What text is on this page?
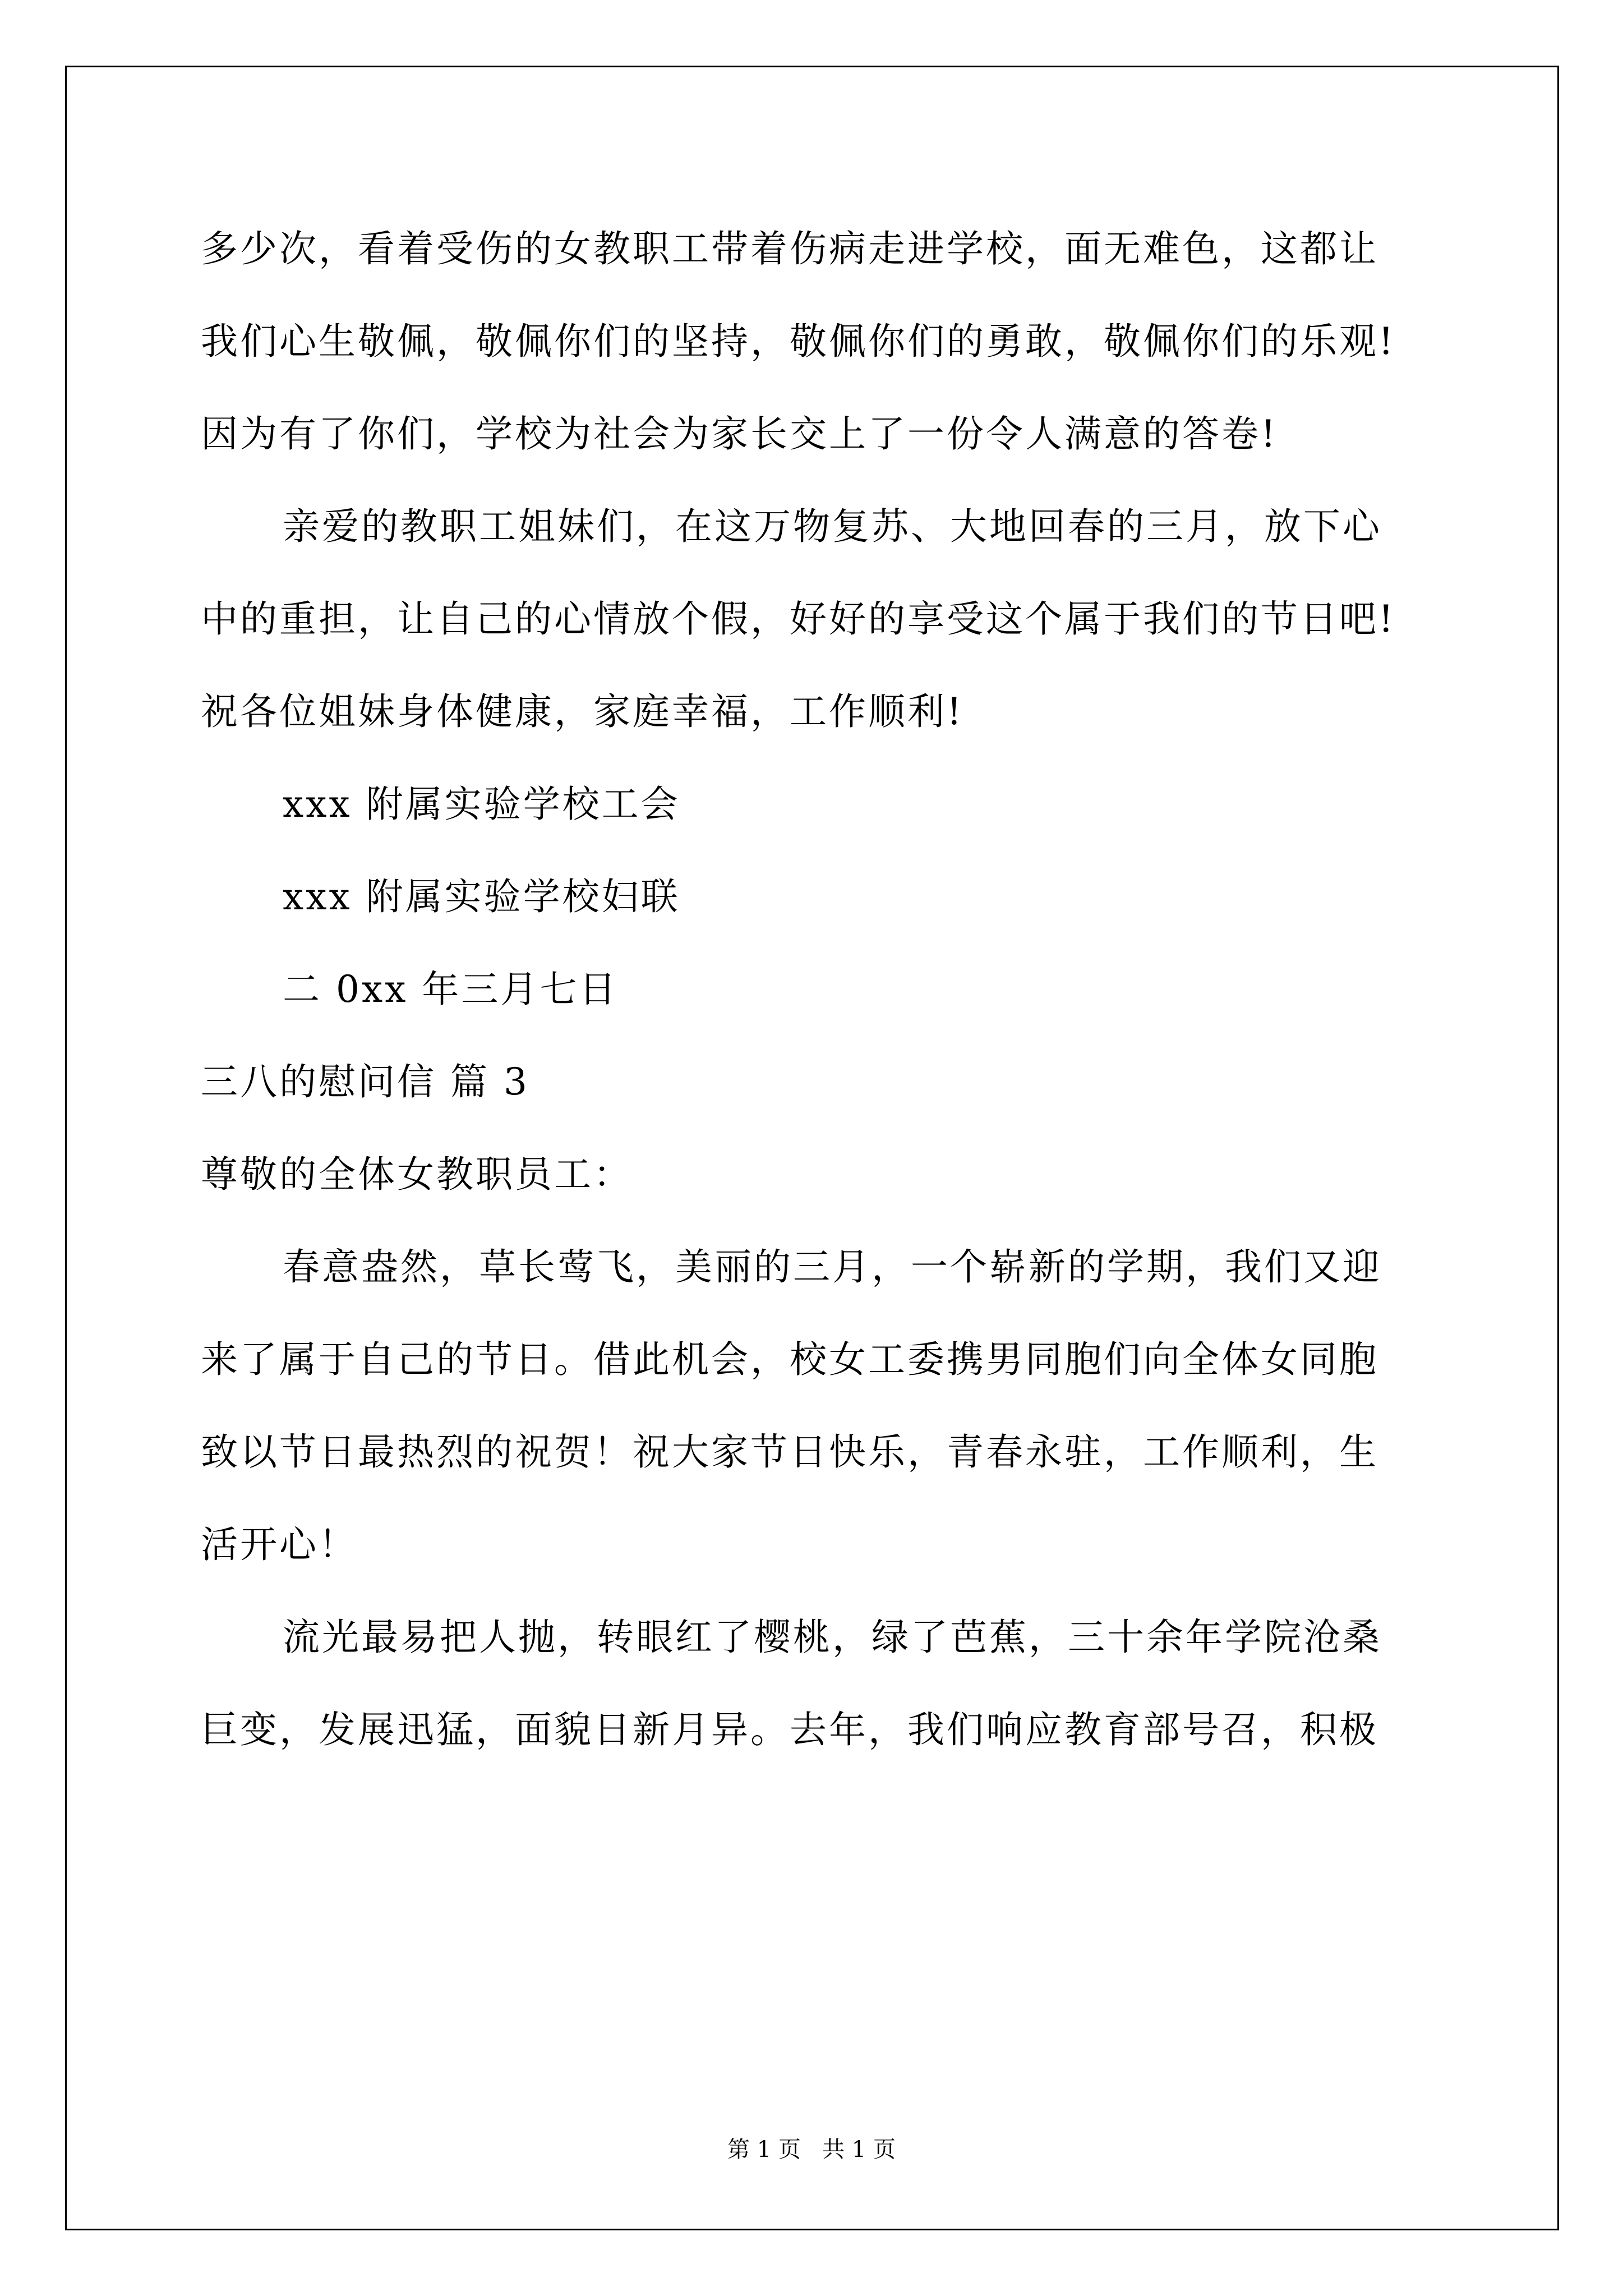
多少次，看着受伤的女教职工带着伤病走进学校，面无难色，这都让
我们心生敬佩，敬佩你们的坚持，敬佩你们的勇敢，敬佩你们的乐观!
因为有了你们，学校为社会为家长交上了一份令人满意的答卷!
亲爱的教职工姐妹们，在这万物复苏、大地回春的三月，放下心
中的重担，让自己的心情放个假，好好的享受这个属于我们的节日吧!
祝各位姐妹身体健康，家庭幸福，工作顺利!
xxx 附属实验学校工会
xxx 附属实验学校妇联
二 0xx 年三月七日
三八的慰问信 篇 3
尊敬的全体女教职员工：
春意盎然，草长莺飞，美丽的三月，一个崭新的学期，我们又迎
来了属于自己的节日。借此机会，校女工委携男同胞们向全体女同胞
致以节日最热烈的祝贺！祝大家节日快乐，青春永驻，工作顺利，生
活开心！
流光最易把人抛，转眼红了樱桃，绿了芭蕉，三十余年学院沧桑
巨变，发展迅猛，面貌日新月异。去年，我们响应教育部号召，积极
第 1 页   共 1 页
